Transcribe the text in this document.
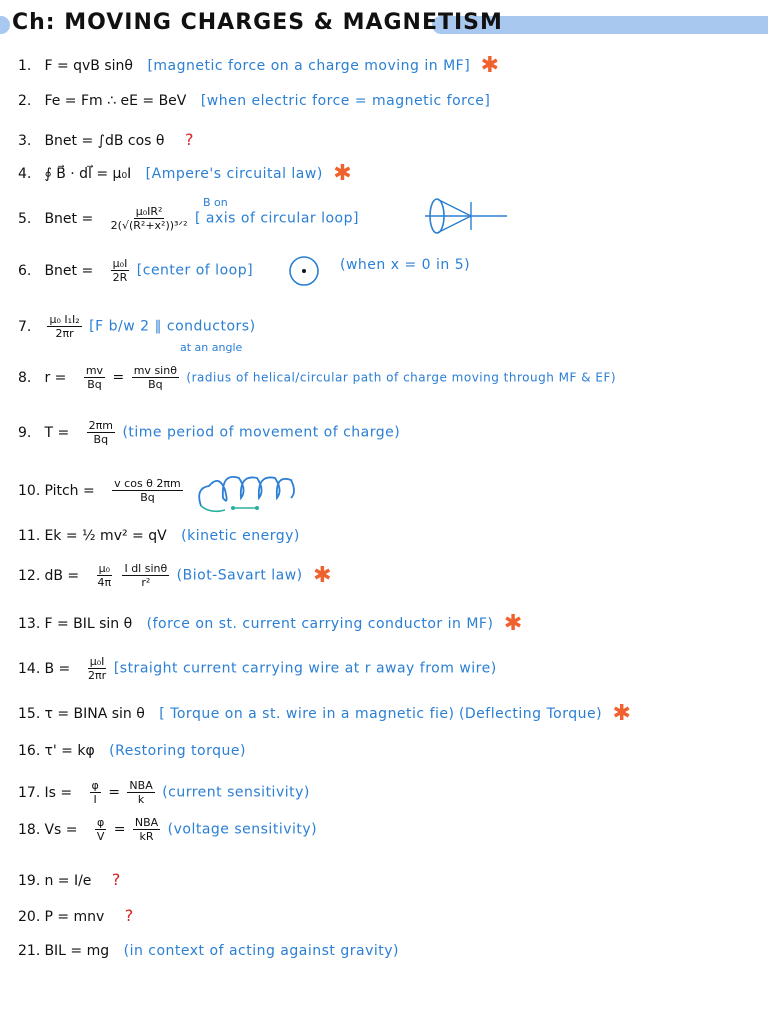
Ch: MOVING CHARGES & MAGNETISM
1. F = qvB sinθ [magnetic force on a charge moving in MF] ✱
2. Fe = Fm ∴ eE = BeV [when electric force = magnetic force]
3. Bnet = ∫dB cos θ ?
4. ∮ B⃗ · dl⃗ = μ₀I [Ampere's circuital law) ✱
B on
5. Bnet = $\frac{\text{μ₀IR²}}{\text{2(√(R²+x²))³ᐟ²}}$ [ axis of circular loop]
6. Bnet = $\frac{\text{μ₀I}}{2R}$ [center of loop]	(when x = 0 in 5)
7. $\frac{\text{μ₀ I₁I₂}}{2\pi r} [F$ b/w 2 ∥ conductors)
at an angle
8. $r = \frac{mv}{Bq} = \frac{\text{mv sinθ}}{Bq}$ (radius of helical/circular path of charge moving through MF & EF)
9. $T = \frac{2\pi m}{Bq}$ (time period of movement of charge)
10. Pitch = $\frac{\text{v cos θ 2πm}}{Bq}$
11. Ek = ½ mv² = qV (kinetic energy)
12. dB = $\frac{\text{μ₀}}{4\pi}$
$\frac{\text{I dl sinθ}}{\text{r²}}$ (Biot-Savart law) ✱
13. F = BIL sin θ (force on st. current carrying conductor in MF) ✱
14. $B = \frac{\text{μ₀I}}{2\pi r}$ [straight current carrying wire at r away from wire)
15. τ = BINA sin θ [ Torque on a st. wire in a magnetic fie) (Deflecting Torque) ✱
16. τ' = kφ (Restoring torque)
17. $Is = \frac{\varphi}{I} = \frac{\text{NBA}}{k}$ (current sensitivity)
18. $Vs = \frac{\varphi}{V} = \frac{\text{NBA}}{kR}$ (voltage sensitivity)
19. n = I/e ?
20. P = mnv ?
21. BIL = mg (in context of acting against gravity)
